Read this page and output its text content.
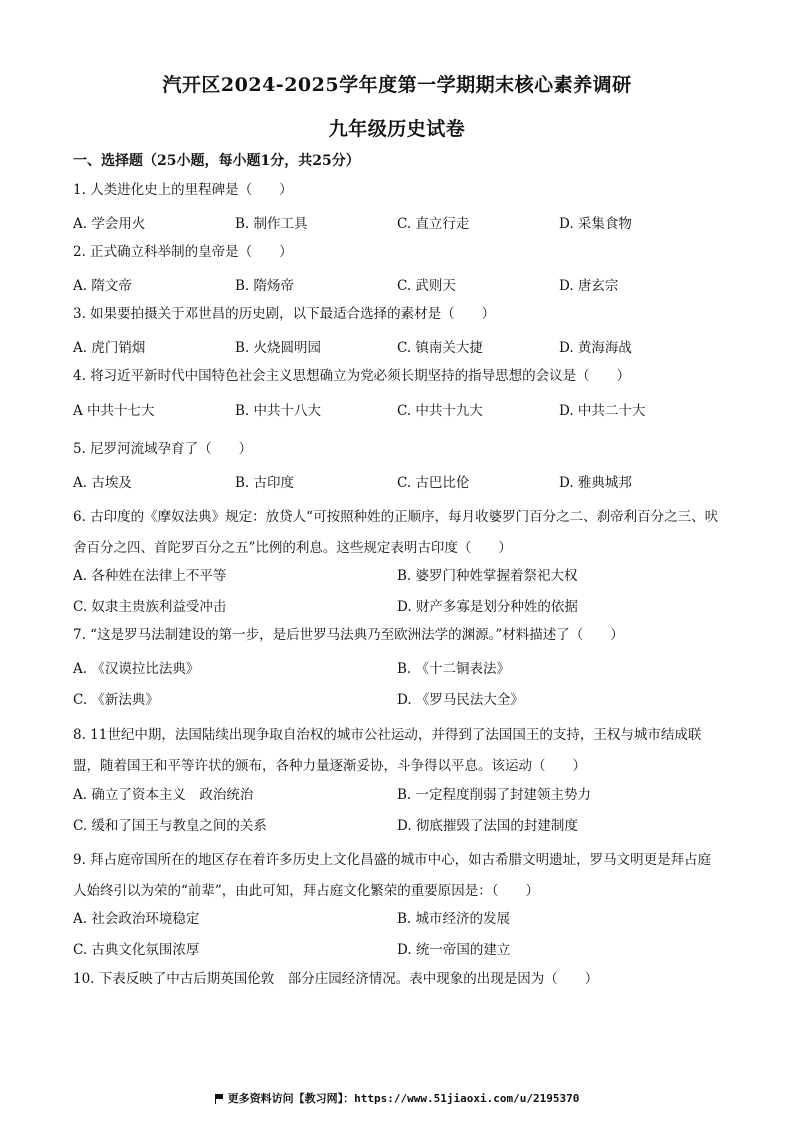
汽开区2024-2025学年度第一学期期末核心素养调研
九年级历史试卷
一、选择题（25小题，每小题1分，共25分）
1. 人类进化史上的里程碑是（　　）
A. 学会用火	B. 制作工具	C. 直立行走	D. 采集食物
2. 正式确立科举制的皇帝是（　　）
A. 隋文帝	B. 隋炀帝	C. 武则天	D. 唐玄宗
3. 如果要拍摄关于邓世昌的历史剧，以下最适合选择的素材是（　　）
A. 虎门销烟	B. 火烧圆明园	C. 镇南关大捷	D. 黄海海战
4. 将习近平新时代中国特色社会主义思想确立为党必须长期坚持的指导思想的会议是（　　）
A 中共十七大	B. 中共十八大	C. 中共十九大	D. 中共二十大
5. 尼罗河流域孕育了（　　）
A. 古埃及	B. 古印度	C. 古巴比伦	D. 雅典城邦
6. 古印度的《摩奴法典》规定：放贷人“可按照种姓的正顺序，每月收婆罗门百分之二、刹帝利百分之三、吠舍百分之四、首陀罗百分之五”比例的利息。这些规定表明古印度（　　）
A. 各种姓在法律上不平等	B. 婆罗门种姓掌握着祭祀大权
C. 奴隶主贵族利益受冲击	D. 财产多寡是划分种姓的依据
7. “这是罗马法制建设的第一步，是后世罗马法典乃至欧洲法学的渊源。”材料描述了（　　）
A. 《汉谟拉比法典》	B. 《十二铜表法》
C. 《新法典》	D. 《罗马民法大全》
8. 11世纪中期，法国陆续出现争取自治权的城市公社运动，并得到了法国国王的支持，王权与城市结成联盟，随着国王和平等许状的颁布，各种力量逐渐妥协，斗争得以平息。该运动（　　）
A. 确立了资本主义　政治统治	B. 一定程度削弱了封建领主势力
C. 缓和了国王与教皇之间的关系	D. 彻底摧毁了法国的封建制度
9. 拜占庭帝国所在的地区存在着许多历史上文化昌盛的城市中心，如古希腊文明遗址，罗马文明更是拜占庭人始终引以为荣的“前辈”，由此可知，拜占庭文化繁荣的重要原因是：（　　）
A. 社会政治环境稳定	B. 城市经济的发展
C. 古典文化氛围浓厚	D. 统一帝国的建立
10. 下表反映了中古后期英国伦敦　部分庄园经济情况。表中现象的出现是因为（　　）
更多资料访问【教习网】：https://www.51jiaoxi.com/u/2195370
